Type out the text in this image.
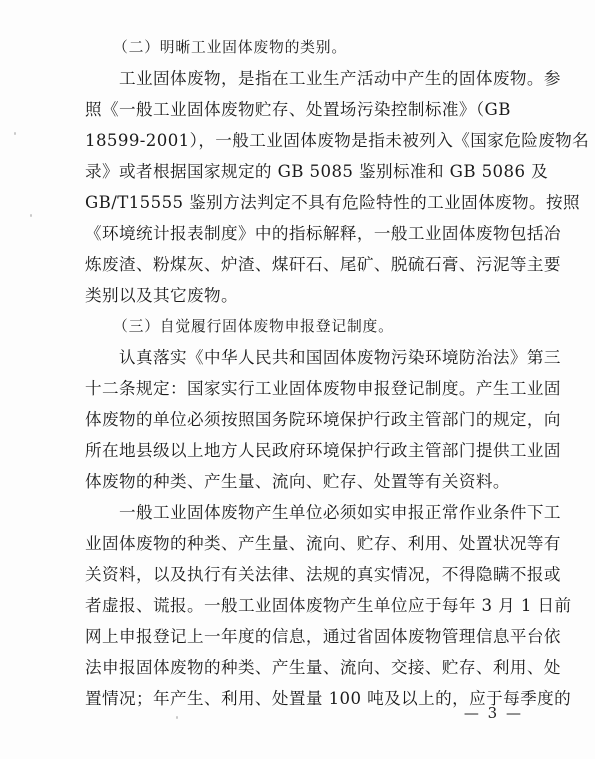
（二）明晰工业固体废物的类别。

工业固体废物，是指在工业生产活动中产生的固体废物。参
照《一般工业固体废物贮存、处置场污染控制标准》（GB
18599-2001），一般工业固体废物是指未被列入《国家危险废物名
录》或者根据国家规定的 GB 5085 鉴别标准和 GB 5086 及
GB/T15555 鉴别方法判定不具有危险特性的工业固体废物。按照
《环境统计报表制度》中的指标解释，一般工业固体废物包括冶
炼废渣、粉煤灰、炉渣、煤矸石、尾矿、脱硫石膏、污泥等主要
类别以及其它废物。

（三）自觉履行固体废物申报登记制度。

认真落实《中华人民共和国固体废物污染环境防治法》第三
十二条规定：国家实行工业固体废物申报登记制度。产生工业固
体废物的单位必须按照国务院环境保护行政主管部门的规定，向
所在地县级以上地方人民政府环境保护行政主管部门提供工业固
体废物的种类、产生量、流向、贮存、处置等有关资料。

一般工业固体废物产生单位必须如实申报正常作业条件下工
业固体废物的种类、产生量、流向、贮存、利用、处置状况等有
关资料，以及执行有关法律、法规的真实情况，不得隐瞒不报或
者虚报、谎报。一般工业固体废物产生单位应于每年 3 月 1 日前
网上申报登记上一年度的信息，通过省固体废物管理信息平台依
法申报固体废物的种类、产生量、流向、交接、贮存、利用、处
置情况；年产生、利用、处置量 100 吨及以上的，应于每季度的

— 3 —
